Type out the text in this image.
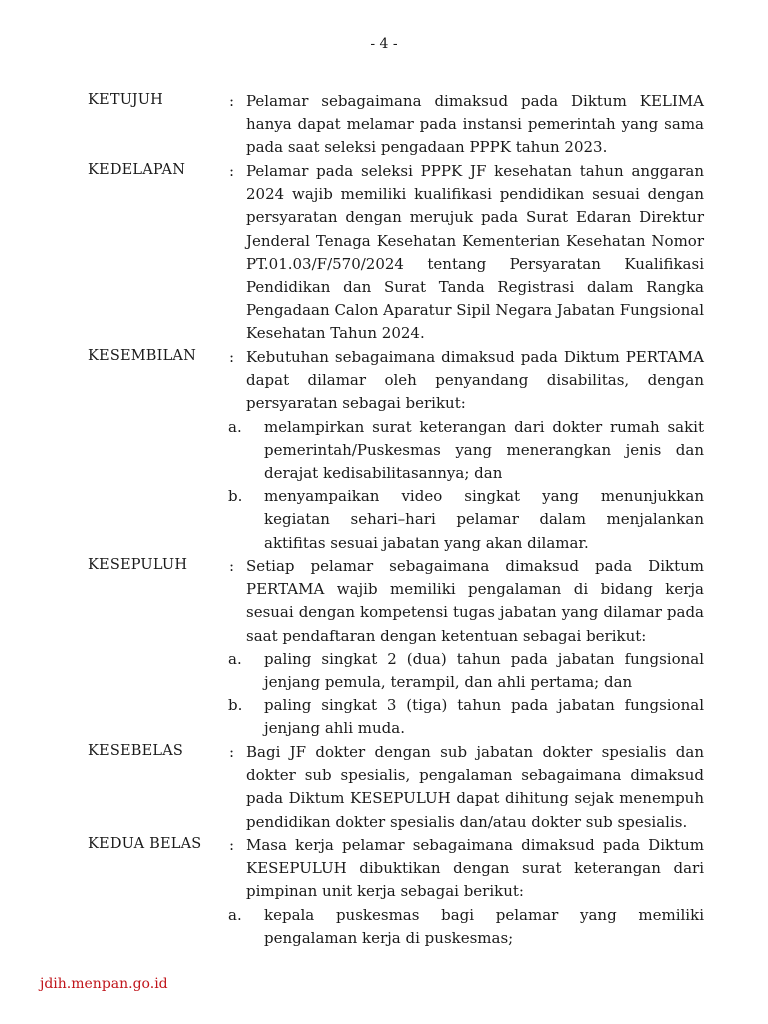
- 4 -
KETUJUH	: Pelamar sebagaimana dimaksud pada Diktum KELIMA hanya dapat melamar pada instansi pemerintah yang sama pada saat seleksi pengadaan PPPK tahun 2023.

KEDELAPAN	: Pelamar pada seleksi PPPK JF kesehatan tahun anggaran 2024 wajib memiliki kualifikasi pendidikan sesuai dengan persyaratan dengan merujuk pada Surat Edaran Direktur Jenderal Tenaga Kesehatan Kementerian Kesehatan Nomor PT.01.03/F/570/2024 tentang Persyaratan Kualifikasi Pendidikan dan Surat Tanda Registrasi dalam Rangka Pengadaan Calon Aparatur Sipil Negara Jabatan Fungsional Kesehatan Tahun 2024.

KESEMBILAN : Kebutuhan sebagaimana dimaksud pada Diktum PERTAMA dapat dilamar oleh penyandang disabilitas, dengan persyaratan sebagai berikut:

a. melampirkan surat keterangan dari dokter rumah sakit pemerintah/Puskesmas yang menerangkan jenis dan derajat kedisabilitasannya; dan
b. menyampaikan video singkat yang menunjukkan kegiatan sehari–hari pelamar dalam menjalankan aktifitas sesuai jabatan yang akan dilamar.
KESEPULUH	: Setiap pelamar sebagaimana dimaksud pada Diktum PERTAMA wajib memiliki pengalaman di bidang kerja sesuai dengan kompetensi tugas jabatan yang dilamar pada saat pendaftaran dengan ketentuan sebagai berikut:

a. paling singkat 2 (dua) tahun pada jabatan fungsional jenjang pemula, terampil, dan ahli pertama; dan
b. paling singkat 3 (tiga) tahun pada jabatan fungsional jenjang ahli muda.
KESEBELAS	: Bagi JF dokter dengan sub jabatan dokter spesialis dan dokter sub spesialis, pengalaman sebagaimana dimaksud pada Diktum KESEPULUH dapat dihitung sejak menempuh pendidikan dokter spesialis dan/atau dokter sub spesialis.

KEDUA BELAS : Masa kerja pelamar sebagaimana dimaksud pada Diktum KESEPULUH dibuktikan dengan surat keterangan dari pimpinan unit kerja sebagai berikut:

a. kepala puskesmas bagi pelamar yang memiliki pengalaman kerja di puskesmas;
jdih.menpan.go.id
